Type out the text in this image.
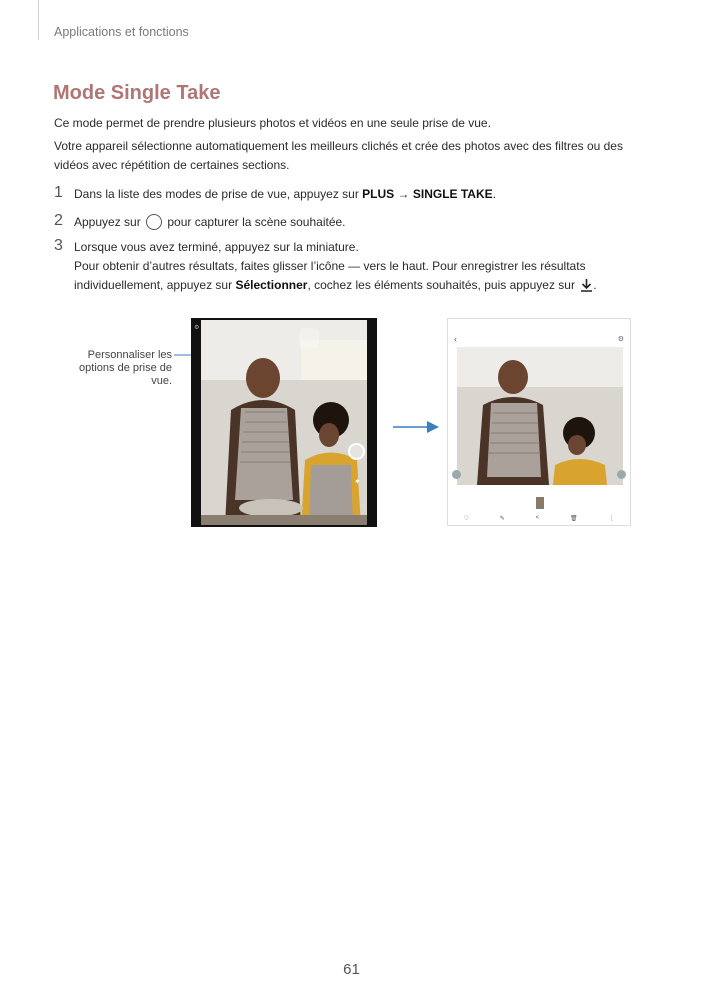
Applications et fonctions
Mode Single Take

Ce mode permet de prendre plusieurs photos et vidéos en une seule prise de vue.

Votre appareil sélectionne automatiquement les meilleurs clichés et crée des photos avec des filtres ou des vidéos avec répétition de certaines sections.

1 Dans la liste des modes de prise de vue, appuyez sur PLUS → SINGLE TAKE.
2 Appuyez sur  pour capturer la scène souhaitée.
3 Lorsque vous avez terminé, appuyez sur la miniature.
Pour obtenir d’autres résultats, faites glisser l’icône — vers le haut. Pour enregistrer les résultats individuellement, appuyez sur Sélectionner, cochez les éléments souhaités, puis appuyez sur .
Personnaliser les options de prise de vue.
⚙
✦
‹	⚙
♡	✎	<	🗑	⋮
61
